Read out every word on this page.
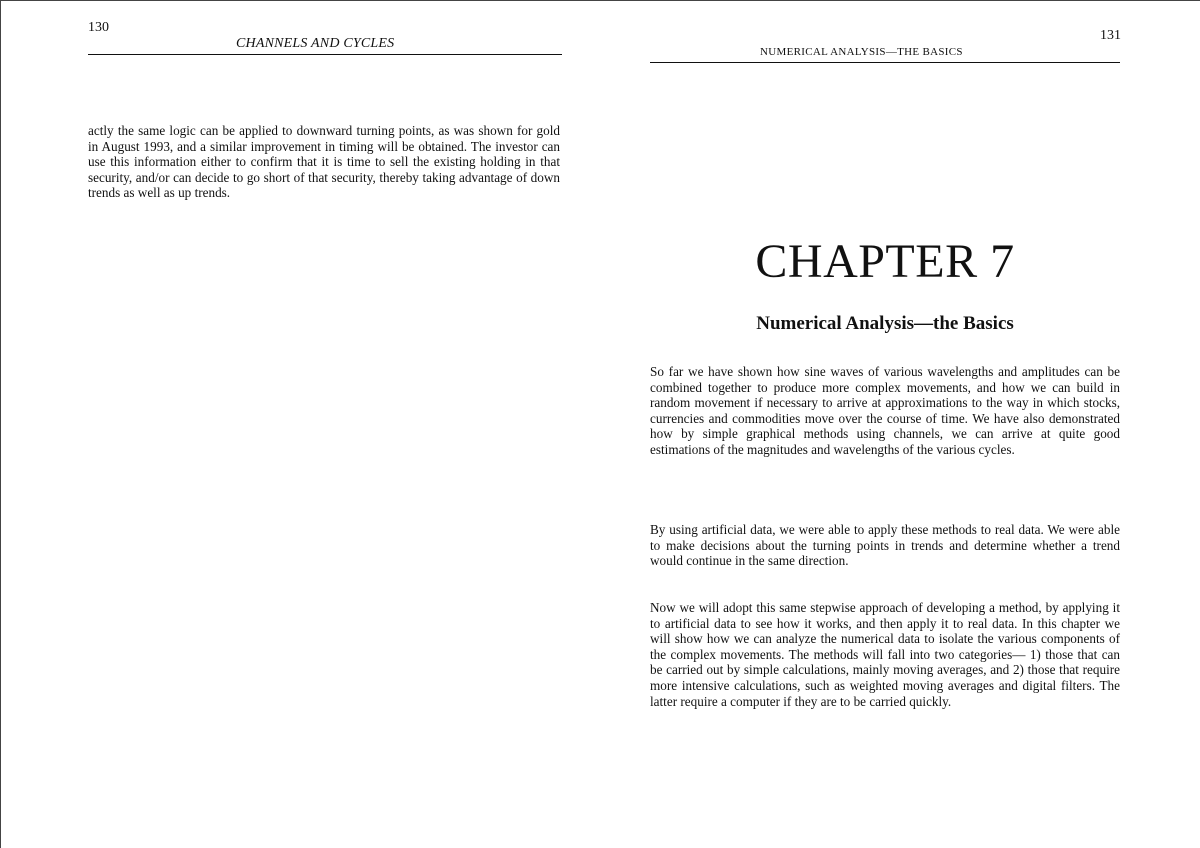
130
CHANNELS AND CYCLES

actly the same logic can be applied to downward turning points, as was shown for gold in August 1993, and a similar improvement in timing will be obtained. The investor can use this information either to confirm that it is time to sell the existing holding in that security, and/or can decide to go short of that security, thereby taking advantage of down trends as well as up trends.

131
NUMERICAL ANALYSIS—THE BASICS
CHAPTER 7
Numerical Analysis—the Basics

So far we have shown how sine waves of various wavelengths and amplitudes can be combined together to produce more complex movements, and how we can build in random movement if necessary to arrive at approximations to the way in which stocks, currencies and commodities move over the course of time. We have also demonstrated how by simple graphical methods using channels, we can arrive at quite good estimations of the magnitudes and wavelengths of the various cycles.

By using artificial data, we were able to apply these methods to real data. We were able to make decisions about the turning points in trends and determine whether a trend would continue in the same direction.

Now we will adopt this same stepwise approach of developing a method, by applying it to artificial data to see how it works, and then apply it to real data. In this chapter we will show how we can analyze the numerical data to isolate the various components of the complex movements. The methods will fall into two categories— 1) those that can be carried out by simple calculations, mainly moving averages, and 2) those that require more intensive calculations, such as weighted moving averages and digital filters. The latter require a computer if they are to be carried quickly.
